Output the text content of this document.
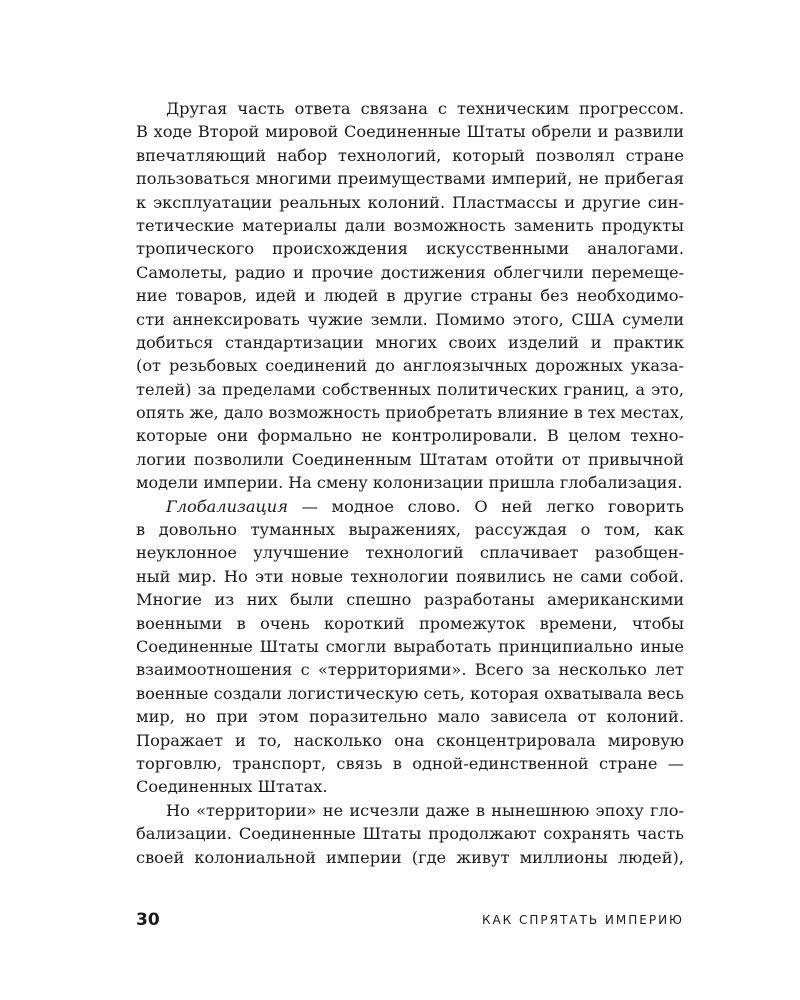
Другая часть ответа связана с техническим прогрессом.
В ходе Второй мировой Соединенные Штаты обрели и развили
впечатляющий набор технологий, который позволял стране
пользоваться многими преимуществами империй, не прибегая
к эксплуатации реальных колоний. Пластмассы и другие син-
тетические материалы дали возможность заменить продукты
тропического происхождения искусственными аналогами.
Самолеты, радио и прочие достижения облегчили перемеще-
ние товаров, идей и людей в другие страны без необходимо-
сти аннексировать чужие земли. Помимо этого, США сумели
добиться стандартизации многих своих изделий и практик
(от резьбовых соединений до англоязычных дорожных указа-
телей) за пределами собственных политических границ, а это,
опять же, дало возможность приобретать влияние в тех местах,
которые они формально не контролировали. В целом техно-
логии позволили Соединенным Штатам отойти от привычной
модели империи. На смену колонизации пришла глобализация.
Глобализация — модное слово. О ней легко говорить
в довольно туманных выражениях, рассуждая о том, как
неуклонное улучшение технологий сплачивает разобщен-
ный мир. Но эти новые технологии появились не сами собой.
Многие из них были спешно разработаны американскими
военными в очень короткий промежуток времени, чтобы
Соединенные Штаты смогли выработать принципиально иные
взаимоотношения с «территориями». Всего за несколько лет
военные создали логистическую сеть, которая охватывала весь
мир, но при этом поразительно мало зависела от колоний.
Поражает и то, насколько она сконцентрировала мировую
торговлю, транспорт, связь в одной-единственной стране —
Соединенных Штатах.
Но «территории» не исчезли даже в нынешнюю эпоху гло-
бализации. Соединенные Штаты продолжают сохранять часть
своей колониальной империи (где живут миллионы людей),
30	КАК СПРЯТАТЬ ИМПЕРИЮ
